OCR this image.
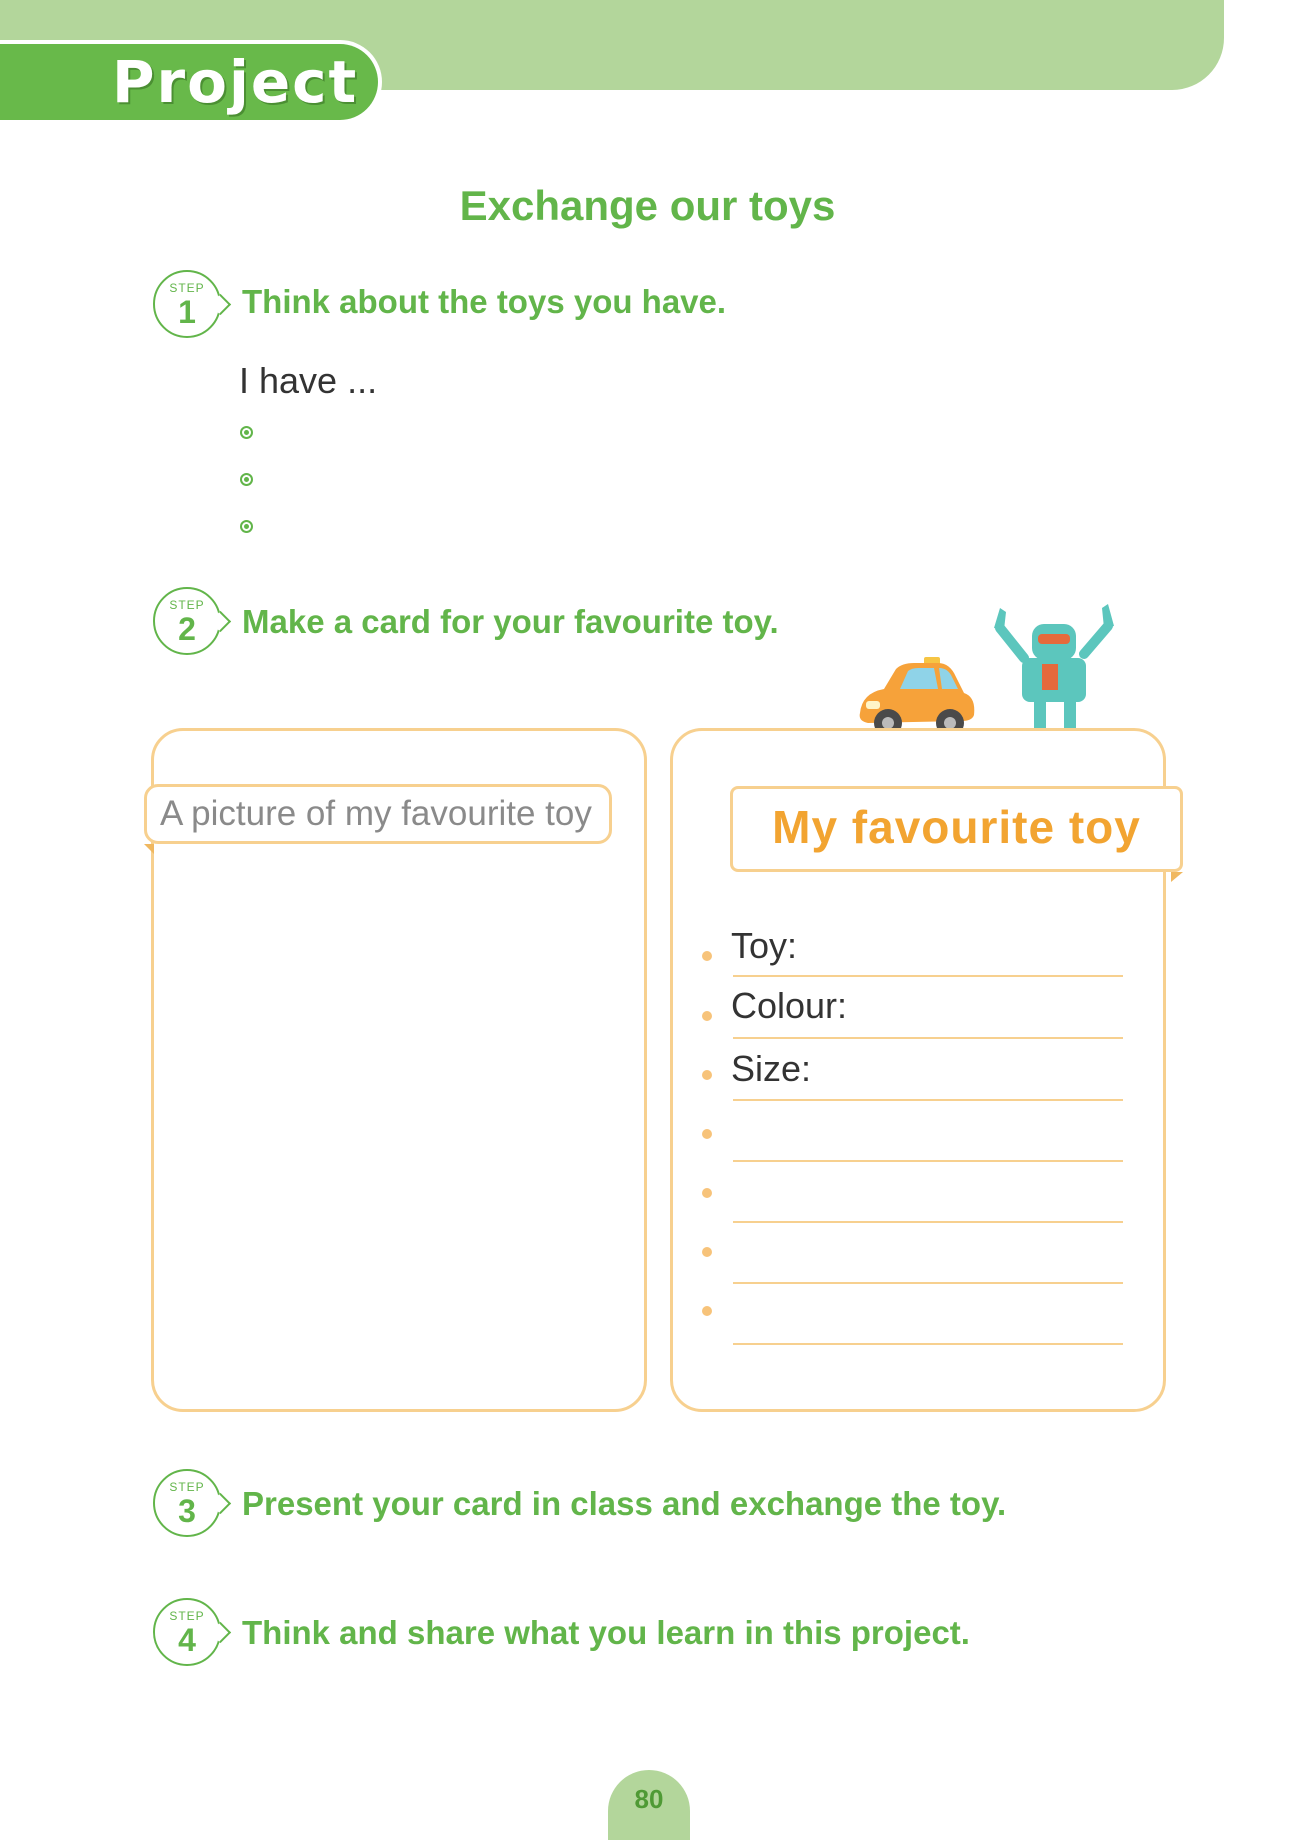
Project
Exchange our toys
STEP
1	Think about the toys you have.
I have ...
STEP
2	Make a card for your favourite toy.
A picture of my favourite toy	My favourite toy
Toy:
Colour:
Size:
STEP
3	Present your card in class and exchange the toy.
STEP
4	Think and share what you learn in this project.
80
